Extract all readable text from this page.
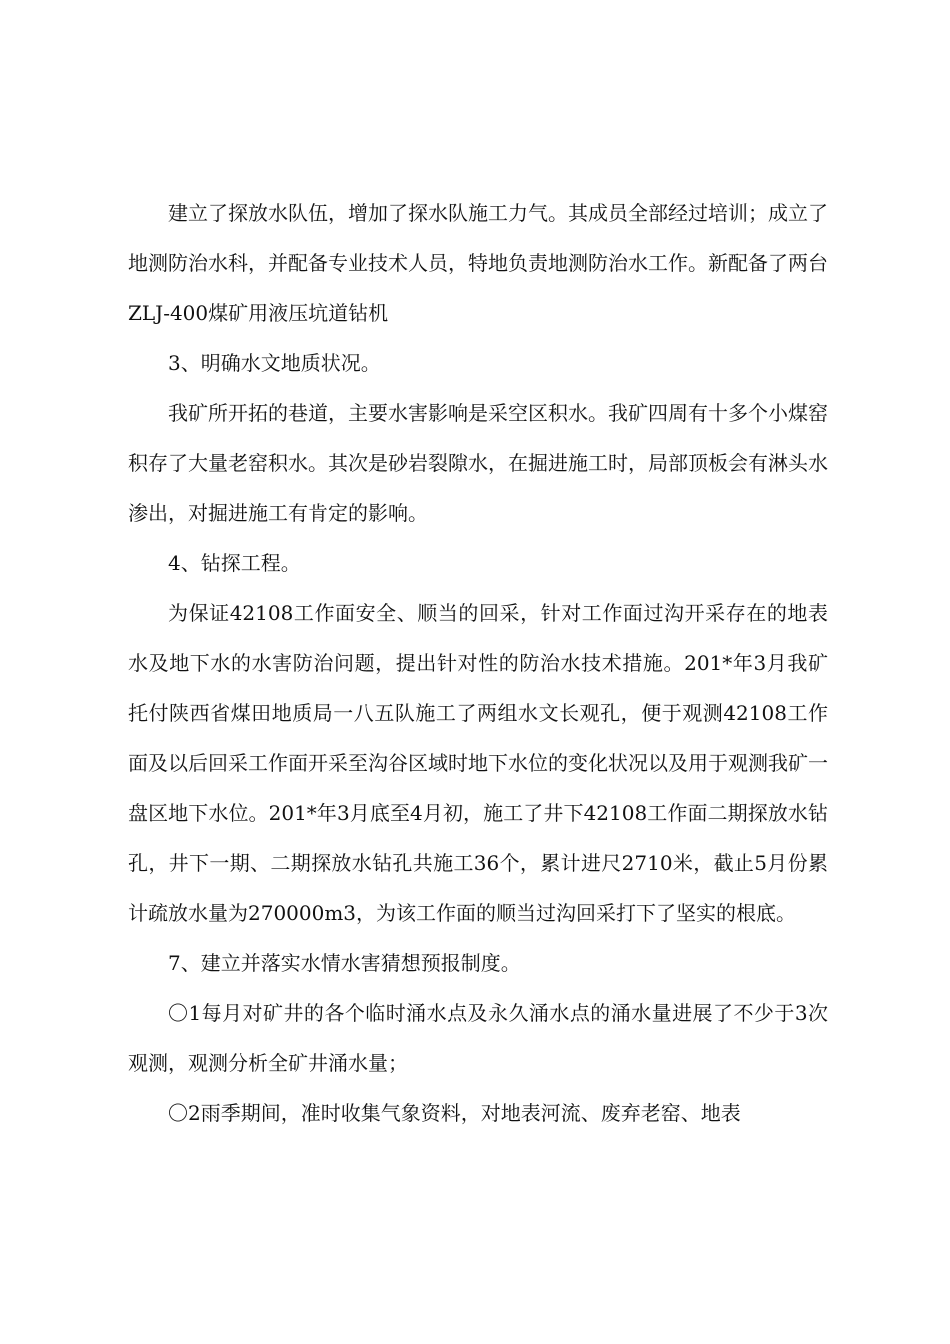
建立了探放水队伍，增加了探水队施工力气。其成员全部经过培训；成立了地测防治水科，并配备专业技术人员，特地负责地测防治水工作。新配备了两台ZLJ-400煤矿用液压坑道钻机

3、明确水文地质状况。

我矿所开拓的巷道，主要水害影响是采空区积水。我矿四周有十多个小煤窑积存了大量老窑积水。其次是砂岩裂隙水，在掘进施工时，局部顶板会有淋头水渗出，对掘进施工有肯定的影响。

4、钻探工程。

为保证42108工作面安全、顺当的回采，针对工作面过沟开采存在的地表水及地下水的水害防治问题，提出针对性的防治水技术措施。201*年3月我矿托付陕西省煤田地质局一八五队施工了两组水文长观孔，便于观测42108工作面及以后回采工作面开采至沟谷区域时地下水位的变化状况以及用于观测我矿一盘区地下水位。201*年3月底至4月初，施工了井下42108工作面二期探放水钻孔，井下一期、二期探放水钻孔共施工36个，累计进尺2710米，截止5月份累计疏放水量为270000m3，为该工作面的顺当过沟回采打下了坚实的根底。

7、建立并落实水情水害猜想预报制度。

〇1每月对矿井的各个临时涌水点及永久涌水点的涌水量进展了不少于3次观测，观测分析全矿井涌水量；

〇2雨季期间，准时收集气象资料，对地表河流、废弃老窑、地表
